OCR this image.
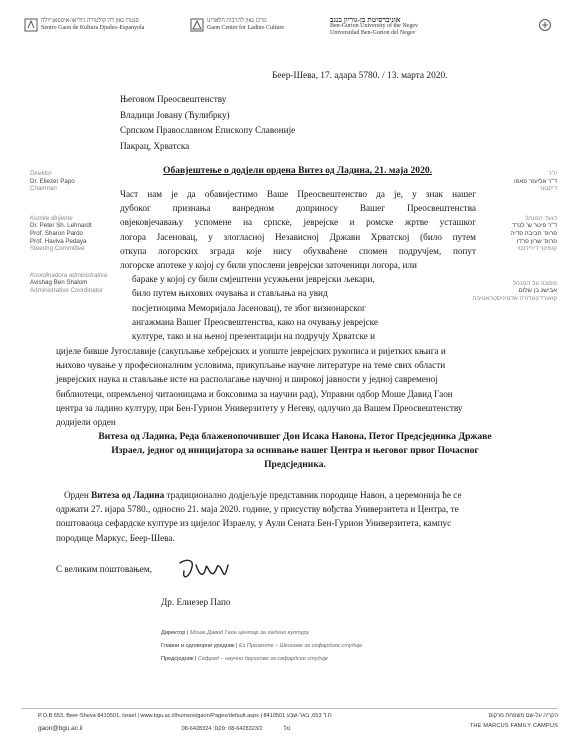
סנטרו גאון דה קולטורה ג'ודיאו-איספאנייולה
Sentro Gaon de Kultura Djudeo-Espanyola
מרכז גאון לתרבות הלאדינו
Gaon Center for Ladino Culture
אוניברסיטת בן-גוריון בנגב
Ben-Gurion University of the Negev
Universidad Ben-Gurion del Negev
Беер-Шева, 17. адара 5780. / 13. марта 2020.
Његовом Преосвештенству
Владици Јовану (Ћулибрку)
Српском Православном Епископу Славоније
Пакрац, Хрватска
Обавјештење о додјели ордена Витез од Ладина, 21. маја 2020.
Direktor
Dr. Eliezer Papo
Chairman
Komite dirijente
Dr. Peter Sh. Lehnardt
Prof. Sharon Pardo
Prof. Haviva Pedaya
Steering Committee
Koordinadora administrativa
Avishag Ben Shalom
Administrative Coordinator
יו"ר
ד"ר אליעזר פאפו
דיקטור
הועד המנהל
ד"ר פיטר ש' לנרד
פרופ' חביבה פדיה
פרופ' שרון פרדו
קומיטי דיריז'נטי
ממונה על המנהל
אבישג בן שלום
קואורדינאדורה אדמיניסטראטיבה
Част нам је да обавијестимо Ваше Преосвештенство да је, у знак нашег
дубоког признања ванредном доприносу Вашег Преосвештенства
овјековјечавању успомене на српске, јеврејске и ромске жртве усташког
логора Јасеновац, у злогласној Независној Држави Хрватској (било путем
откупа логорских зграда које нису обухваћене спомен подручјем, попут
логорске апотеке у којој су били упослени јеврејски заточеници логора, или
бараке у којој су били смјештени усужњени јеврејски љекари,
било путем њихових очувања и стављања на увид
посјетиоцима Меморијала Јасеновац), те због визионарског
ангажмана Вашег Преосвештенства, како на очувању јеврејске
културе, тако и на њеној презентацији на подручју Хрватске и
цијеле бивше Југославије (сакупљање хебрејских и уопште јеврејских рукописа и ријетких књига и
њихово чување у професионалним условима, прикупљање научне литературе на теме свих области
јеврејских наука и стављање исте на располагање научној и широкој јавности у једној савременој
библиотеци, опремљеној читаоницама и боксовима за научни рад), Управни одбор Моше Давид Гаон
центра за ладино културу, при Бен-Гурион Универзитету у Негеву, одлучио да Вашем Преосвештенству
додијели орден
Витеза од Ладина, Реда блаженопочившег Дон Исака Навона, Петог Предсједника Државе
Израел, једног од иницијатора за оснивање нашег Центра и његовог првог Почасног
Предсједника.
Орден Витеза од Ладина традиционално додјељује представник породице Навон, а церемонија ће се
одржати 27. ијара 5780., односно 21. маја 2020. године, у присуству вођства Универзитета и Центра, те
поштоваоца сефардске културе из цијелог Израелу, у Аули Сената Бен-Гурион Универзитета, кампус
породице Маркус, Беер-Шева.
С великим поштовањем,
Др. Елиезер Папо
Директор | Моше Давид Гаон центар за ладино културу
Главни и одговорни уредник | Ез Презенте – Шкоиове за сефардске студије
Предсједник | Сефрад – научно друштво за сефардске студије
P.O.B 653, Beer-Sheva 8410501, Israel | www.bgu.ac.il/humsos/gaon/Pages/default.aspx | 8410501 ת.ד 653, באר-שבע
gaon@bgu.ac.il	08-6428324 :טל  08-6428323/2 :פקס
הקריה על-שם משפחת מרקוס
THE MARCUS FAMILY CAMPUS
